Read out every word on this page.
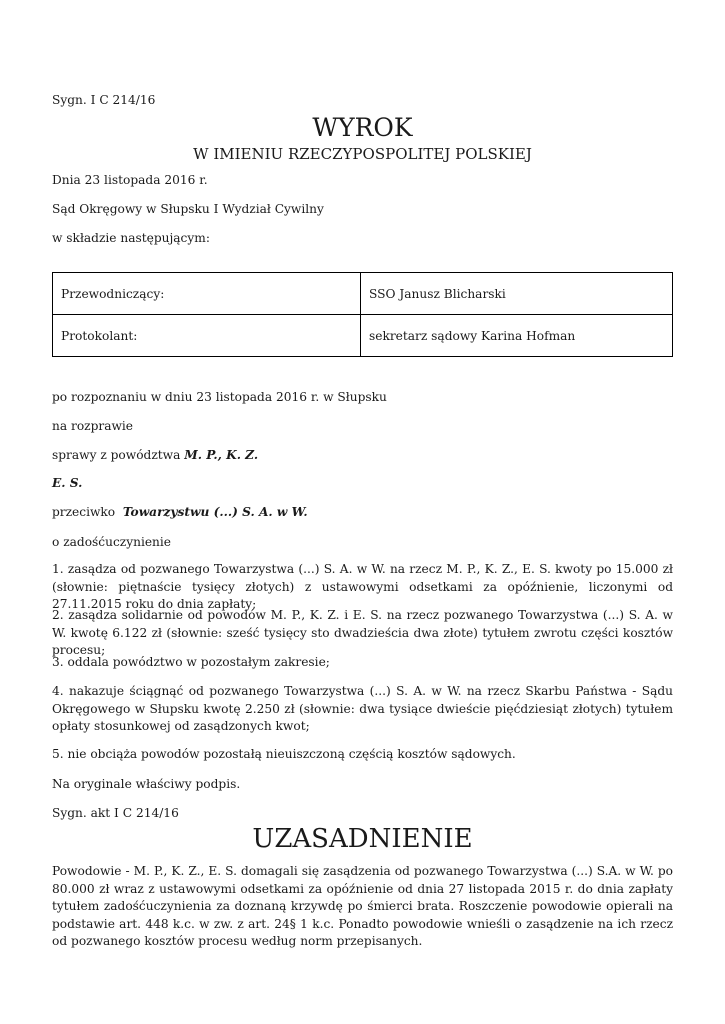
Sygn. I C 214/16
WYROK
W IMIENIU RZECZYPOSPOLITEJ POLSKIEJ
Dnia 23 listopada 2016 r.
Sąd Okręgowy w Słupsku I Wydział Cywilny
w składzie następującym:
Przewodniczący:	SSO Janusz Blicharski
Protokolant:	sekretarz sądowy Karina Hofman
po rozpoznaniu w dniu 23 listopada 2016 r. w Słupsku
na rozprawie
sprawy z powództwa M. P., K. Z.
E. S.
przeciwko  Towarzystwu (...) S. A. w W.
o zadośćuczynienie
1. zasądza od pozwanego Towarzystwa (...) S. A. w W. na rzecz M. P., K. Z., E. S. kwoty po 15.000 zł (słownie: piętnaście tysięcy złotych) z ustawowymi odsetkami za opóźnienie, liczonymi od 27.11.2015 roku do dnia zapłaty;
2. zasądza solidarnie od powodów M. P., K. Z. i E. S. na rzecz pozwanego Towarzystwa (...) S. A. w W. kwotę 6.122 zł (słownie: sześć tysięcy sto dwadzieścia dwa złote) tytułem zwrotu części kosztów procesu;
3. oddala powództwo w pozostałym zakresie;
4. nakazuje ściągnąć od pozwanego Towarzystwa (...) S. A. w W. na rzecz Skarbu Państwa - Sądu Okręgowego w Słupsku kwotę 2.250 zł (słownie: dwa tysiące dwieście pięćdziesiąt złotych) tytułem opłaty stosunkowej od zasądzonych kwot;
5. nie obciąża powodów pozostałą nieuiszczoną częścią kosztów sądowych.
Na oryginale właściwy podpis.
Sygn. akt I C 214/16
UZASADNIENIE
Powodowie - M. P., K. Z., E. S. domagali się zasądzenia od pozwanego Towarzystwa (...) S.A. w W. po 80.000 zł wraz z ustawowymi odsetkami za opóźnienie od dnia 27 listopada 2015 r. do dnia zapłaty tytułem zadośćuczynienia za doznaną krzywdę po śmierci brata. Roszczenie powodowie opierali na podstawie art. 448 k.c. w zw. z art. 24§ 1 k.c. Ponadto powodowie wnieśli o zasądzenie na ich rzecz od pozwanego kosztów procesu według norm przepisanych.
